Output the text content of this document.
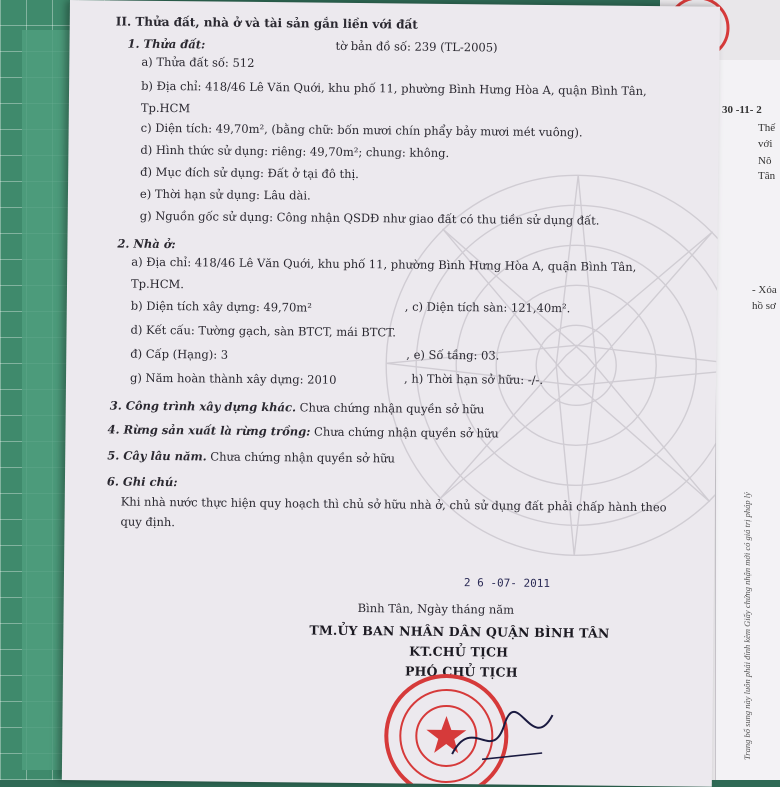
30 -11- 2
Thế
với
Nô
Tân
- Xóa
hồ sơ
Trang bổ sung này luôn phải đính kèm Giấy chứng nhận mới có giá trị pháp lý
II. Thửa đất, nhà ở và tài sản gắn liền với đất
1. Thửa đất:
a) Thửa đất số: 512
tờ bản đồ số: 239 (TL-2005)
b) Địa chỉ: 418/46 Lê Văn Quới, khu phố 11, phường Bình Hưng Hòa A, quận Bình Tân,
Tp.HCM
c) Diện tích: 49,70m², (bằng chữ: bốn mươi chín phẩy bảy mươi mét vuông).
d) Hình thức sử dụng: riêng: 49,70m²; chung: không.
đ) Mục đích sử dụng: Đất ở tại đô thị.
e) Thời hạn sử dụng: Lâu dài.
g) Nguồn gốc sử dụng: Công nhận QSDĐ như giao đất có thu tiền sử dụng đất.
2. Nhà ở:
a) Địa chỉ: 418/46 Lê Văn Quới, khu phố 11, phường Bình Hưng Hòa A, quận Bình Tân,
Tp.HCM.
b) Diện tích xây dựng: 49,70m²	, c) Diện tích sàn: 121,40m².
d) Kết cấu: Tường gạch, sàn BTCT, mái BTCT.
đ) Cấp (Hạng): 3	, e) Số tầng: 03.
g) Năm hoàn thành xây dựng: 2010	, h) Thời hạn sở hữu: -/-.
3. Công trình xây dựng khác. Chưa chứng nhận quyền sở hữu
4. Rừng sản xuất là rừng trồng: Chưa chứng nhận quyền sở hữu
5. Cây lâu năm. Chưa chứng nhận quyền sở hữu
6. Ghi chú:
Khi nhà nước thực hiện quy hoạch thì chủ sở hữu nhà ở, chủ sử dụng đất phải chấp hành theo
quy định.
2 6 -07- 2011
Bình Tân, Ngày tháng năm
TM.ỦY BAN NHÂN DÂN QUẬN BÌNH TÂN
KT.CHỦ TỊCH
PHÓ CHỦ TỊCH
